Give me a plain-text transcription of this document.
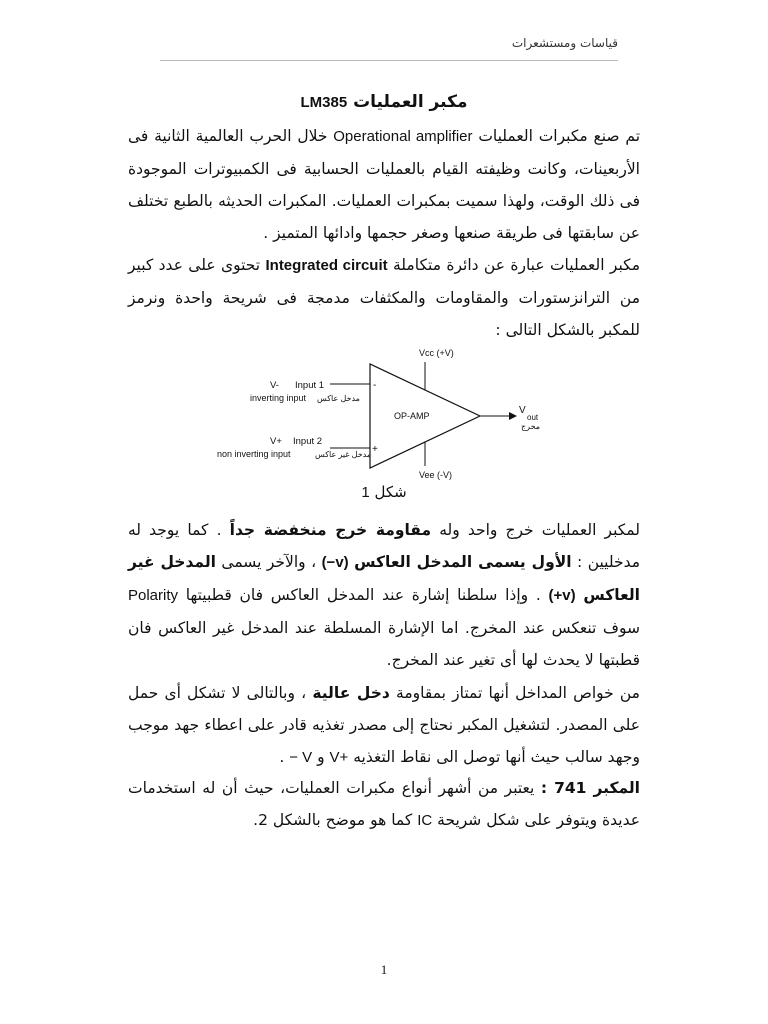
قياسات ومستشعرات
مكبر العمليات LM385
تم صنع مكبرات العمليات Operational amplifier خلال الحرب العالمية الثانية فى الأربعينات، وكانت وظيفته القيام بالعمليات الحسابية فى الكمبيوترات الموجودة فى ذلك الوقت، ولهذا سميت بمكبرات العمليات. المكبرات الحديثه بالطبع تختلف عن سابقتها فى طريقة صنعها وصغر حجمها وادائها المتميز .
مكبر العمليات عبارة عن دائرة متكاملة Integrated circuit تحتوى على عدد كبير من الترانزستورات والمقاومات والمكثفات مدمجة فى شريحة واحدة ونرمز للمكبر بالشكل التالى :
Vcc (+V)
Vee (-V)
-
+
OP-AMP
V- Input 1
inverting input مدخل عاكس
V+ Input 2
non inverting input	مدخل غير عاكس
V
out
مخرج
شكل 1
لمكبر العمليات خرج واحد وله مقاومة خرج منخفضة جداً . كما يوجد له مدخليين : الأول يسمى المدخل العاكس (v−) ، والآخر يسمى المدخل غير العاكس (v+) . وإذا سلطنا إشارة عند المدخل العاكس فان قطبيتها Polarity سوف تنعكس عند المخرج. اما الإشارة المسلطة عند المدخل غير العاكس فان قطبتها لا يحدث لها أى تغير عند المخرج.
من خواص المداخل أنها تمتاز بمقاومة دخل عالية ، وبالتالى لا تشكل أى حمل على المصدر. لتشغيل المكبر نحتاج إلى مصدر تغذيه قادر على اعطاء جهد موجب وجهد سالب حيث أنها توصل الى نقاط التغذيه +V و V − .
المكبر 741 : يعتبر من أشهر أنواع مكبرات العمليات، حيث أن له استخدمات عديدة ويتوفر على شكل شريحة IC كما هو موضح بالشكل 2.
1
